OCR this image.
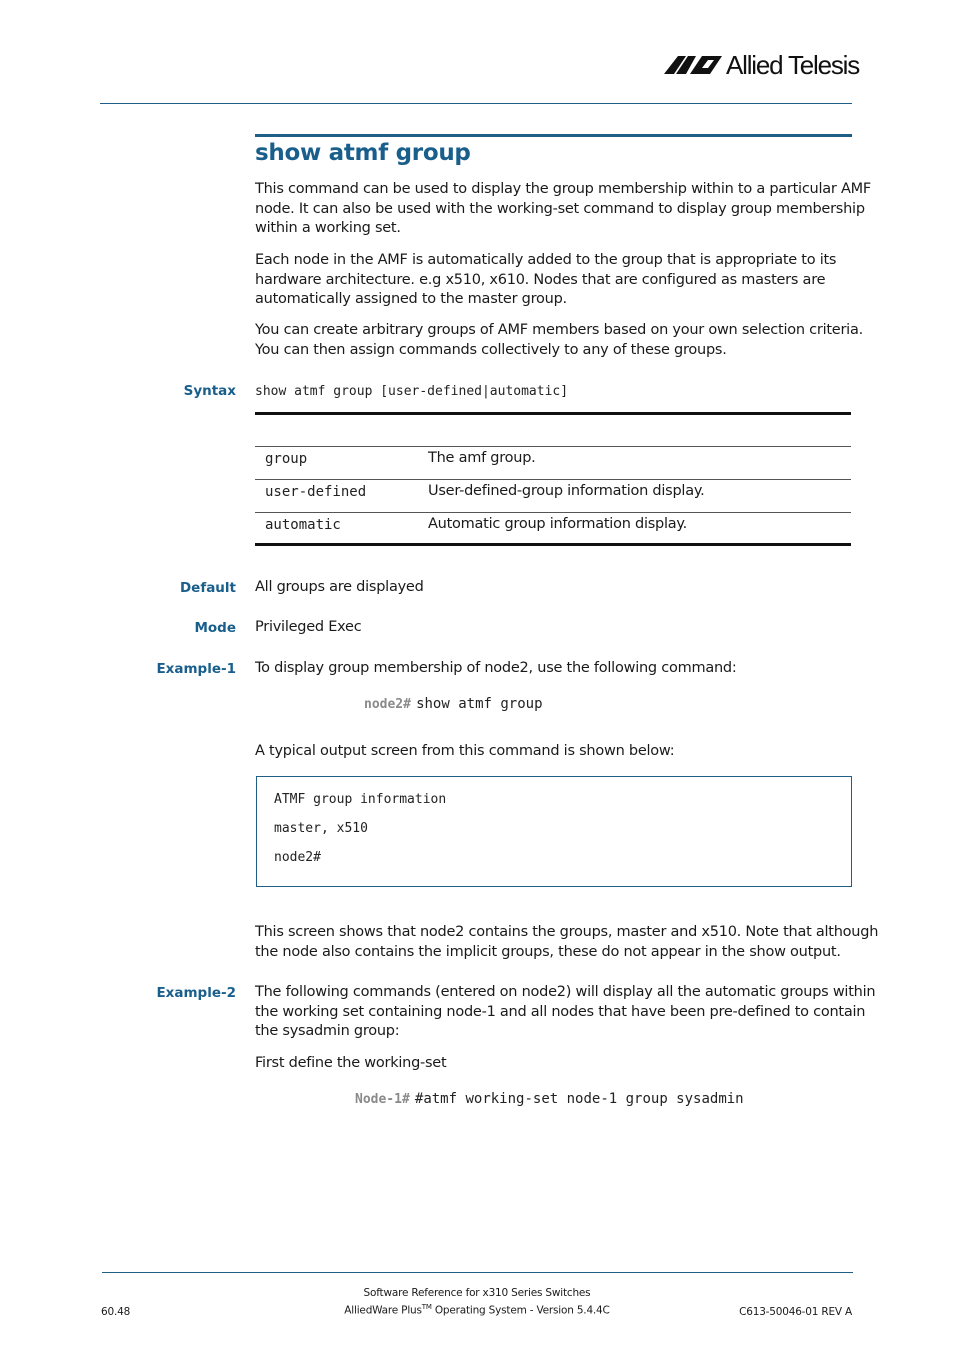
Allied Telesis
show atmf group
This command can be used to display the group membership within to a particular AMF
node. It can also be used with the working-set command to display group membership
within a working set.
Each node in the AMF is automatically added to the group that is appropriate to its
hardware architecture. e.g x510, x610. Nodes that are configured as masters are
automatically assigned to the master group.
You can create arbitrary groups of AMF members based on your own selection criteria.
You can then assign commands collectively to any of these groups.
Syntax show atmf group [user-defined|automatic]
group	The amf group.
user-defined	User-defined-group information display.
automatic	Automatic group information display.
Default All groups are displayed
Mode Privileged Exec
Example-1 To display group membership of node2, use the following command:
node2# show atmf group
A typical output screen from this command is shown below:
ATMF group information
master, x510
node2#
This screen shows that node2 contains the groups, master and x510. Note that although
the node also contains the implicit groups, these do not appear in the show output.
Example-2 The following commands (entered on node2) will display all the automatic groups within
the working set containing node-1 and all nodes that have been pre-defined to contain
the sysadmin group:
First define the working-set
Node-1# #atmf working-set node-1 group sysadmin
Software Reference for x310 Series Switches
60.48	AlliedWare Plus™ Operating System - Version 5.4.4C	C613-50046-01 REV A
